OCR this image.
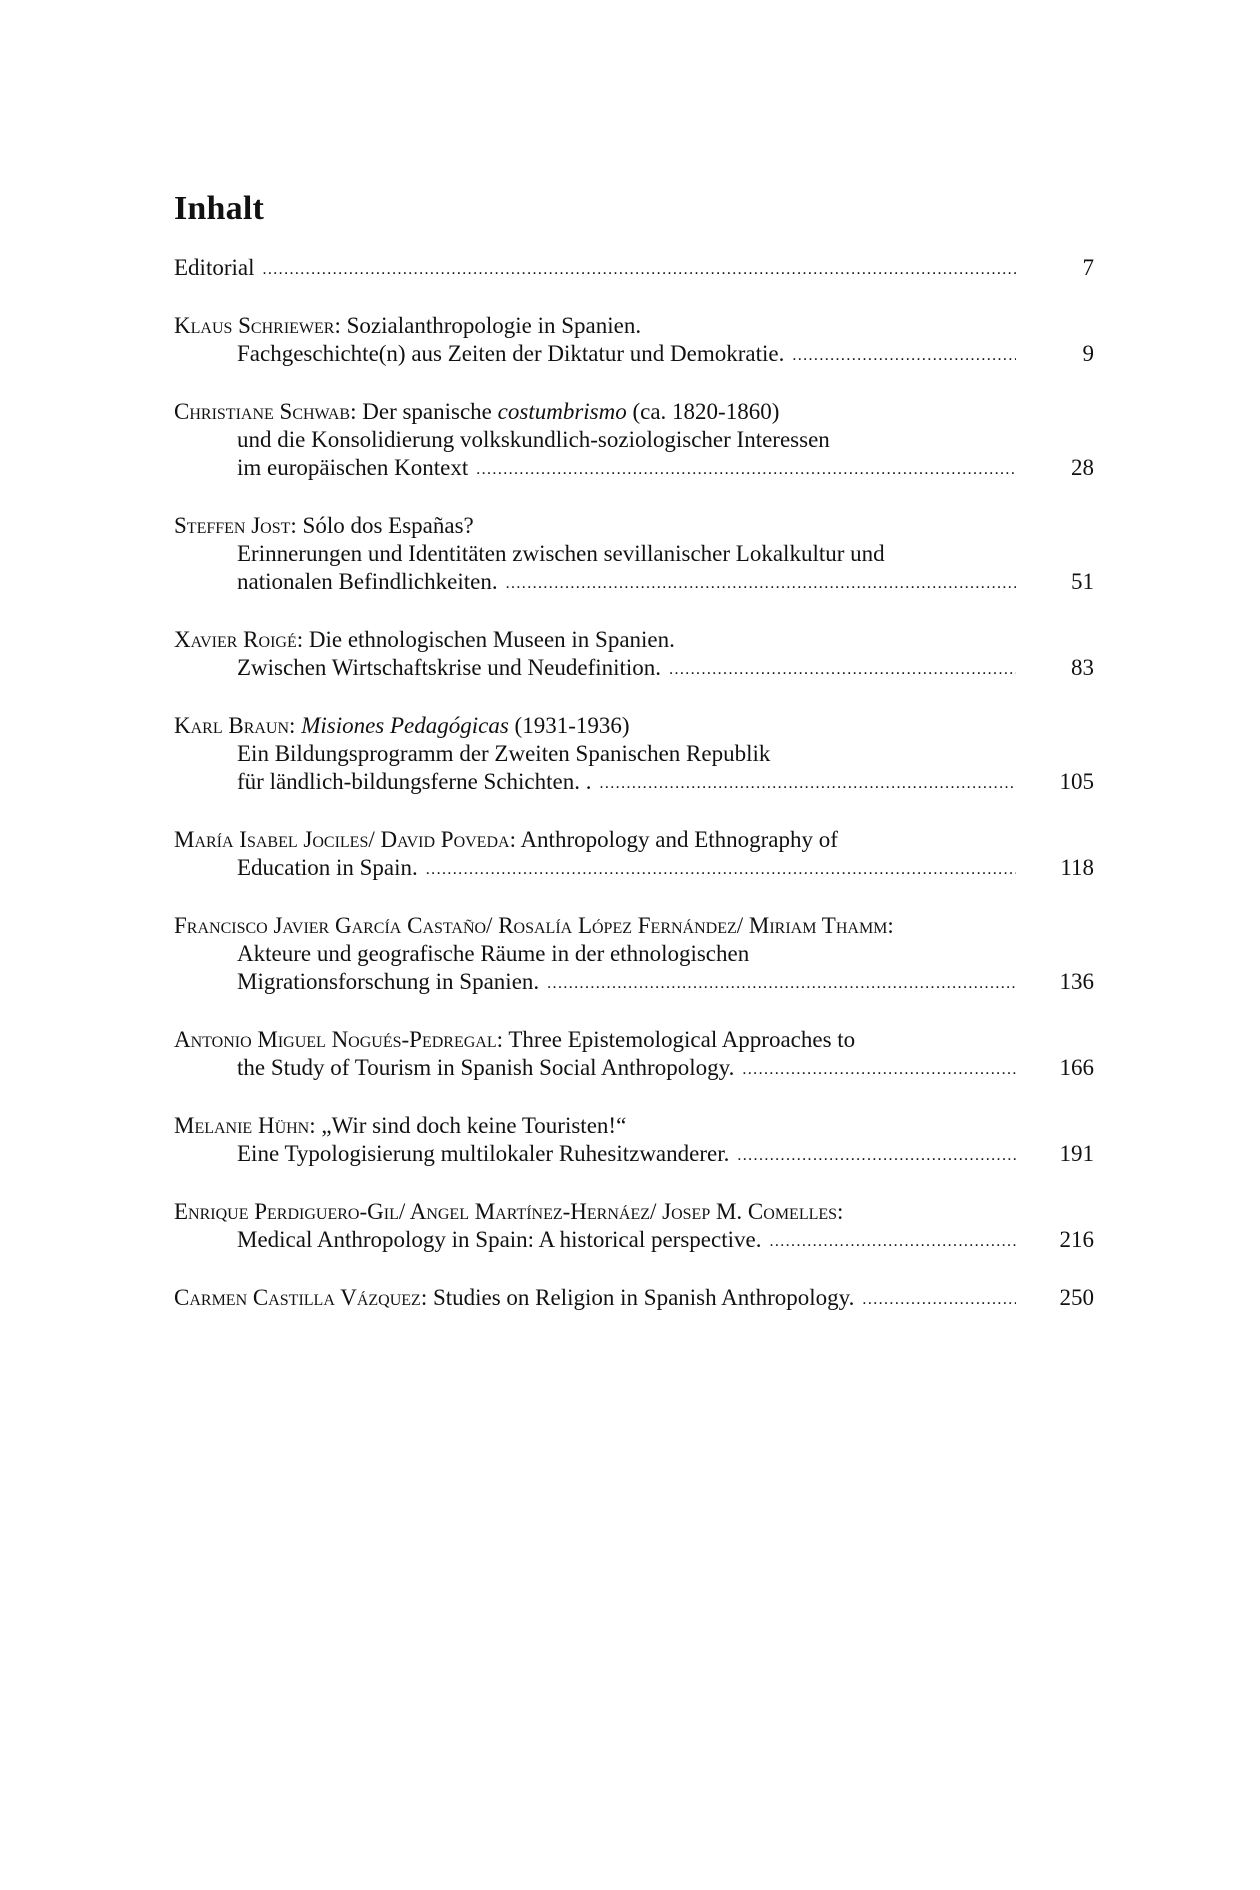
Inhalt
Editorial .....	7
Klaus Schriewer: Sozialanthropologie in Spanien.
Fachgeschichte(n) aus Zeiten der Diktatur und Demokratie. .....	9
Christiane Schwab: Der spanische costumbrismo (ca. 1820-1860)
und die Konsolidierung volkskundlich-soziologischer Interessen
im europäischen Kontext .....	28
Steffen Jost: Sólo dos Españas?
Erinnerungen und Identitäten zwischen sevillanischer Lokalkultur und
nationalen Befindlichkeiten. .....	51
Xavier Roigé: Die ethnologischen Museen in Spanien.
Zwischen Wirtschaftskrise und Neudefinition. .....	83
Karl Braun: Misiones Pedagógicas (1931-1936)
Ein Bildungsprogramm der Zweiten Spanischen Republik
für ländlich-bildungsferne Schichten. . .....	105
María Isabel Jociles/ David Poveda: Anthropology and Ethnography of
Education in Spain. .....	118
Francisco Javier García Castaño/ Rosalía López Fernández/ Miriam Thamm:
Akteure und geografische Räume in der ethnologischen
Migrationsforschung in Spanien. .....	136
Antonio Miguel Nogués-Pedregal: Three Epistemological Approaches to
the Study of Tourism in Spanish Social Anthropology. .....	166
Melanie Hühn: „Wir sind doch keine Touristen!“
Eine Typologisierung multilokaler Ruhesitzwanderer. .....	191
Enrique Perdiguero-Gil/ Angel Martínez-Hernáez/ Josep M. Comelles:
Medical Anthropology in Spain: A historical perspective. .....	216
Carmen Castilla Vázquez: Studies on Religion in Spanish Anthropology. .....	250
